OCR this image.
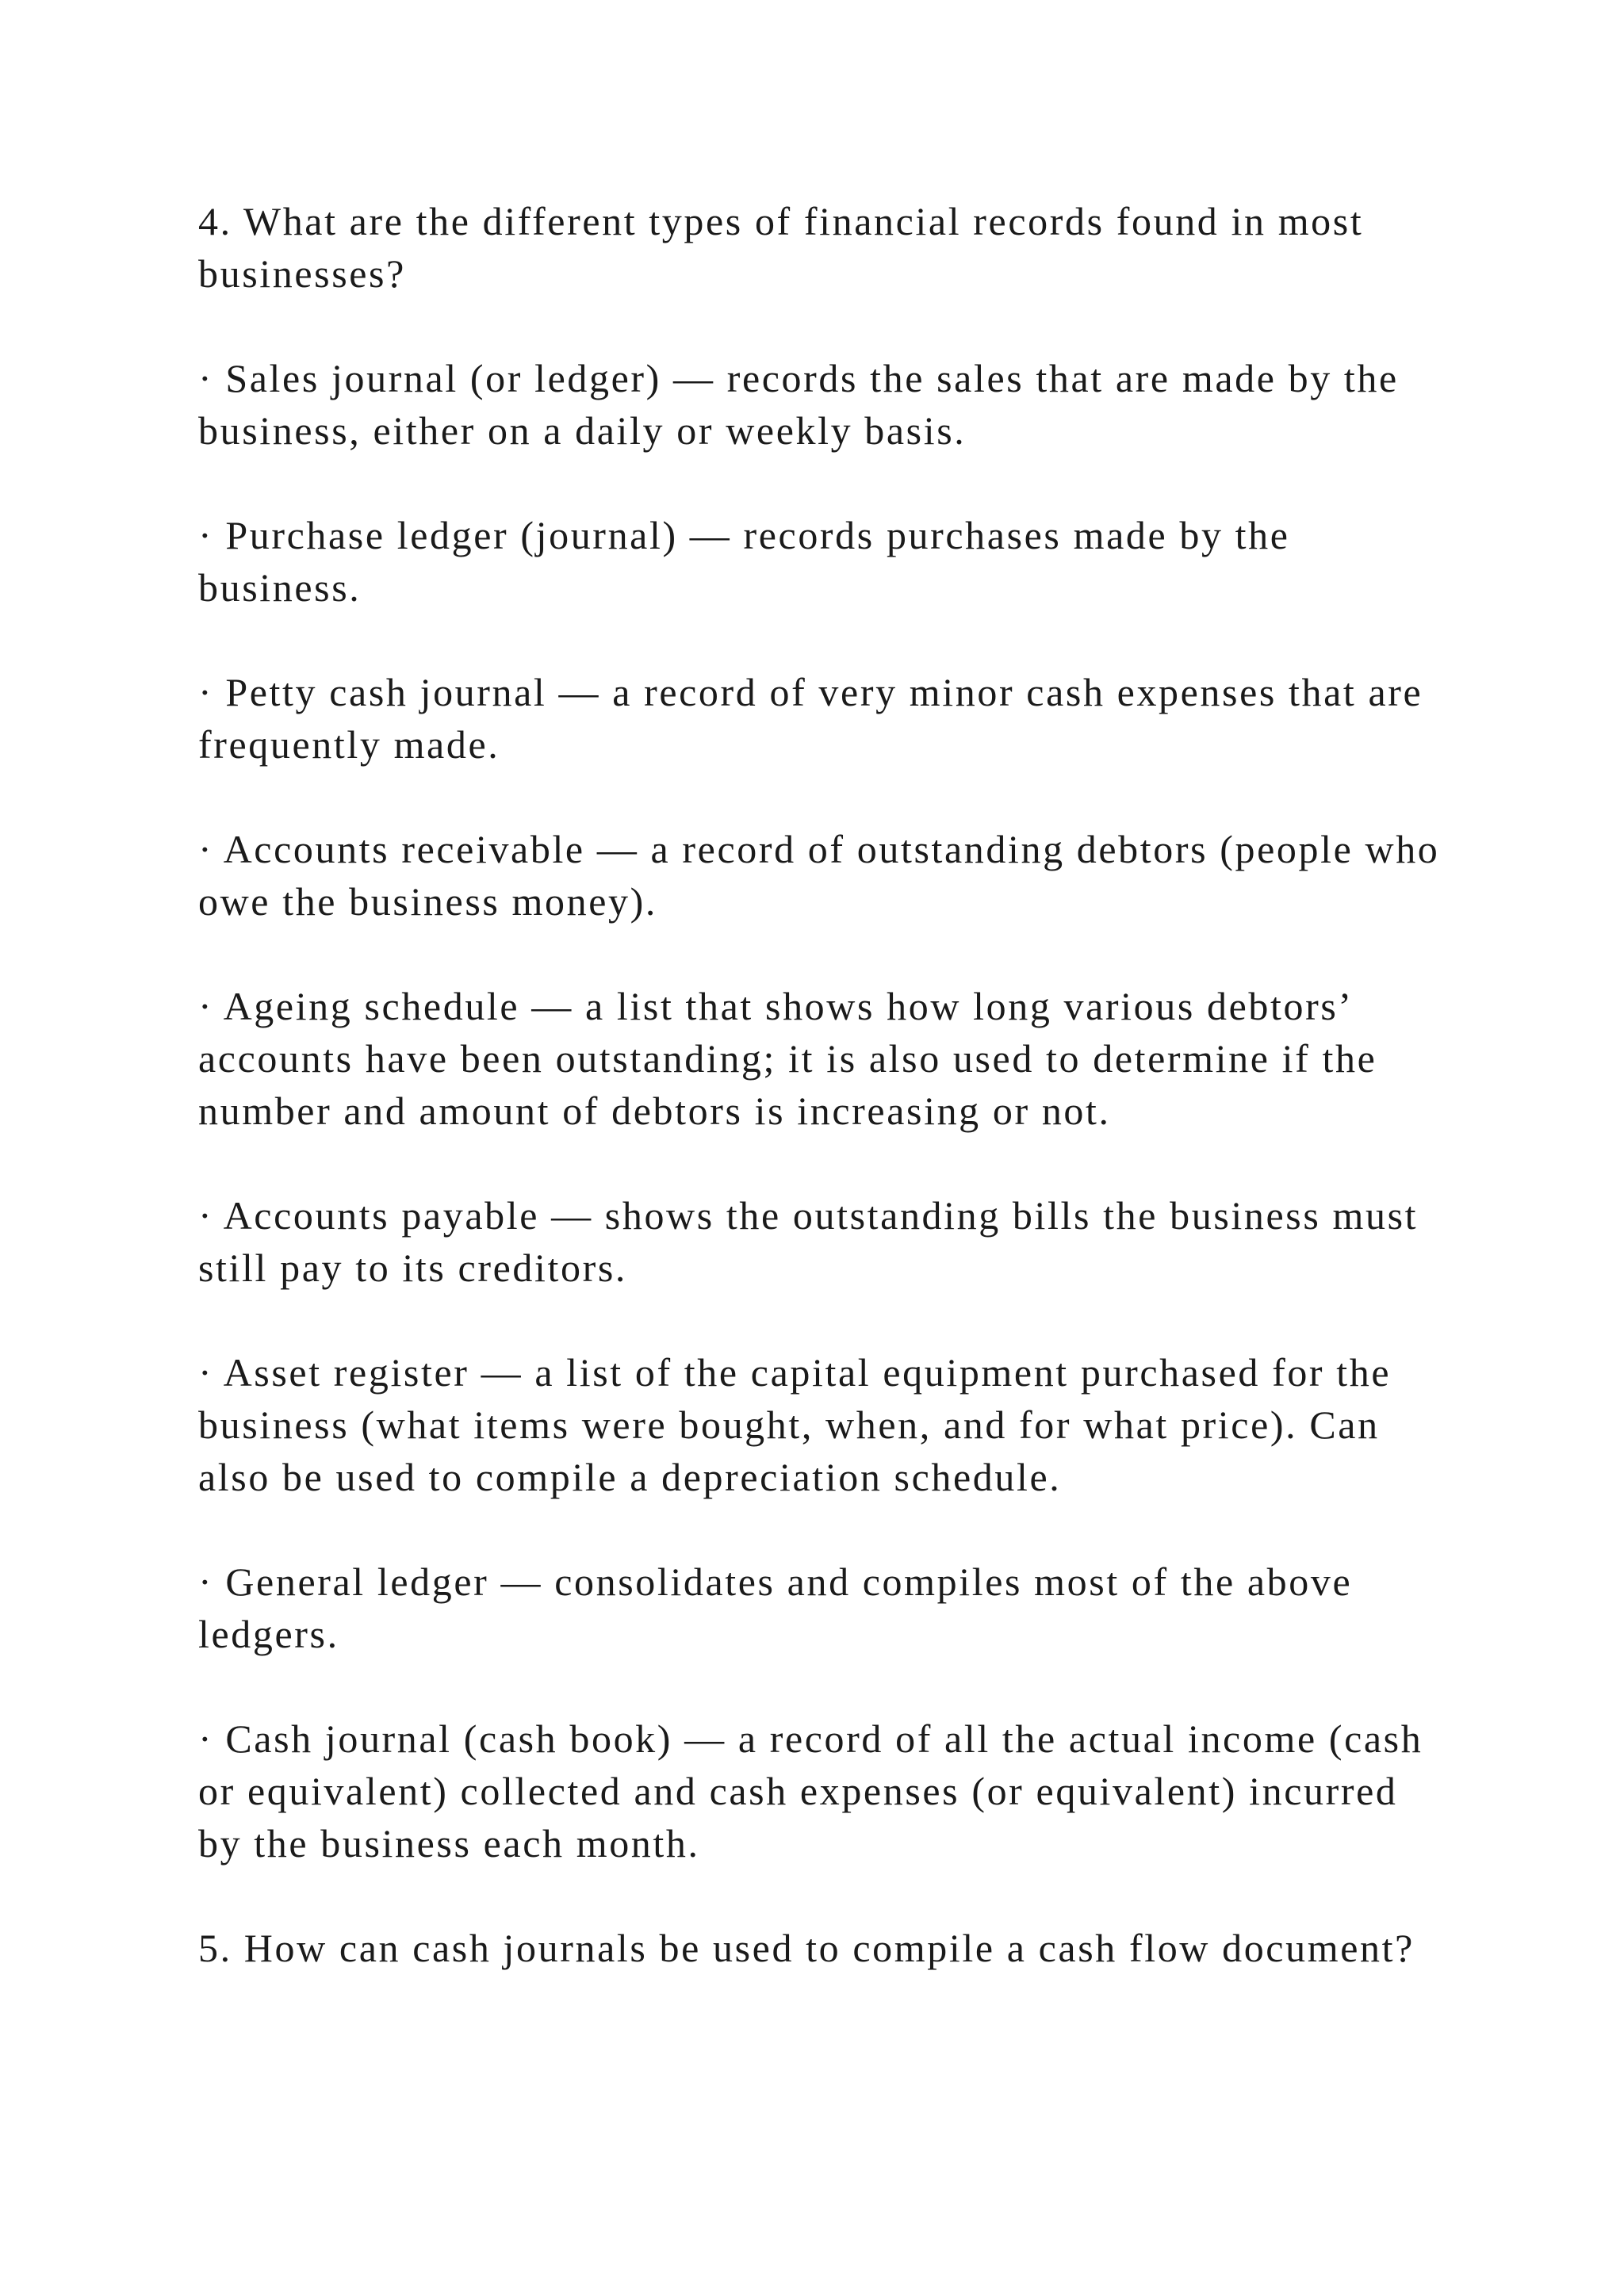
4. What are the different types of financial records found in most businesses?

· Sales journal (or ledger) — records the sales that are made by the business, either on a daily or weekly basis.

· Purchase ledger (journal) — records purchases made by the business.

· Petty cash journal — a record of very minor cash expenses that are frequently made.

· Accounts receivable — a record of outstanding debtors (people who owe the business money).

· Ageing schedule — a list that shows how long various debtors’ accounts have been outstanding; it is also used to determine if the number and amount of debtors is increasing or not.

· Accounts payable — shows the outstanding bills the business must still pay to its creditors.

· Asset register — a list of the capital equipment purchased for the business (what items were bought, when, and for what price). Can also be used to compile a depreciation schedule.

· General ledger — consolidates and compiles most of the above ledgers.

· Cash journal (cash book) — a record of all the actual income (cash or equivalent) collected and cash expenses (or equivalent) incurred by the business each month.

5. How can cash journals be used to compile a cash flow document?
